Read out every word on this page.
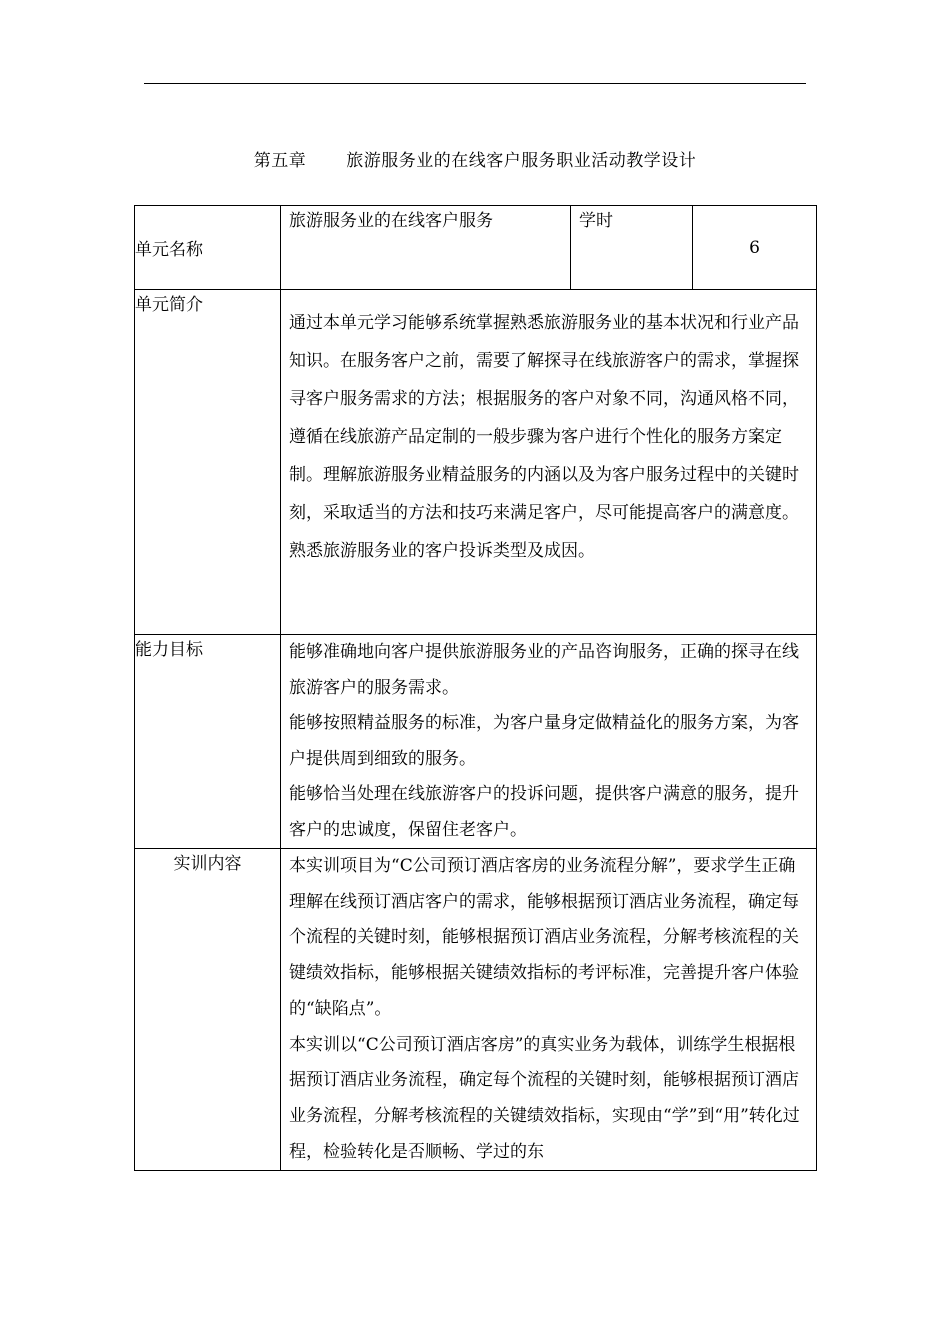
第五章 旅游服务业的在线客户服务职业活动教学设计
单元名称	旅游服务业的在线客户服务	学时	6
单元简介	通过本单元学习能够系统掌握熟悉旅游服务业的基本状况和行业产品知识。在服务客户之前，需要了解探寻在线旅游客户的需求，掌握探寻客户服务需求的方法；根据服务的客户对象不同，沟通风格不同，遵循在线旅游产品定制的一般步骤为客户进行个性化的服务方案定制。理解旅游服务业精益服务的内涵以及为客户服务过程中的关键时刻，采取适当的方法和技巧来满足客户，尽可能提高客户的满意度。熟悉旅游服务业的客户投诉类型及成因。		

能力目标	能够准确地向客户提供旅游服务业的产品咨询服务，正确的探寻在线旅游客户的服务需求。

能够按照精益服务的标准，为客户量身定做精益化的服务方案，为客户提供周到细致的服务。

能够恰当处理在线旅游客户的投诉问题，提供客户满意的服务，提升客户的忠诚度，保留住老客户。		

实训内容	本实训项目为“C公司预订酒店客房的业务流程分解”，要求学生正确理解在线预订酒店客户的需求，能够根据预订酒店业务流程，确定每个流程的关键时刻，能够根据预订酒店业务流程，分解考核流程的关键绩效指标，能够根据关键绩效指标的考评标准，完善提升客户体验的“缺陷点”。

本实训以“C公司预订酒店客房”的真实业务为载体，训练学生根据根据预订酒店业务流程，确定每个流程的关键时刻，能够根据预订酒店业务流程，分解考核流程的关键绩效指标，实现由“学”到“用”转化过程，检验转化是否顺畅、学过的东		
